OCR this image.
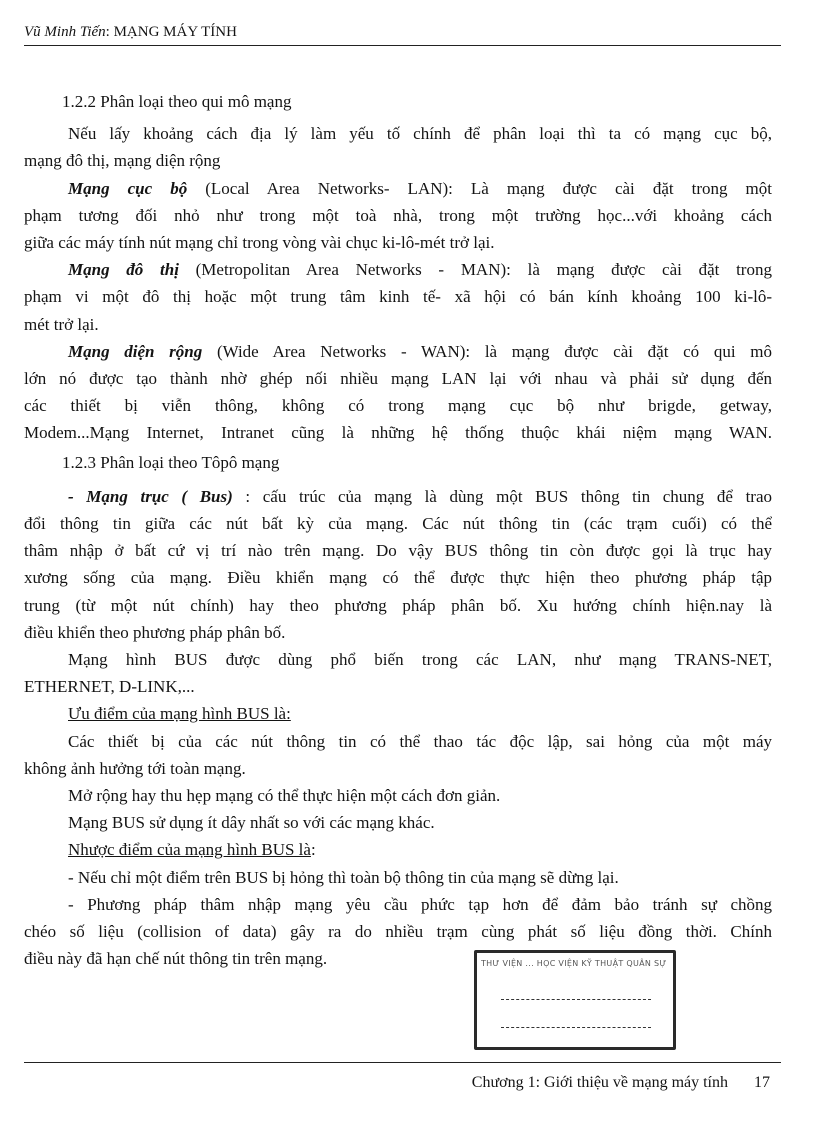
Vũ Minh Tiến: MẠNG MÁY TÍNH

1.2.2 Phân loại theo qui mô mạng

Nếu lấy khoảng cách địa lý làm yếu tố chính để phân loại thì ta có mạng cục bộ,

mạng đô thị, mạng diện rộng

Mạng cục bộ (Local Area Networks- LAN): Là mạng được cài đặt trong một

phạm tương đối nhỏ như trong một toà nhà, trong một trường học...với khoảng cách

giữa các máy tính nút mạng chỉ trong vòng vài chục ki-lô-mét trở lại.

Mạng đô thị (Metropolitan Area Networks - MAN): là mạng được cài đặt trong

phạm vi một đô thị hoặc một trung tâm kinh tế- xã hội có bán kính khoảng 100 ki-lô-

mét trở lại.

Mạng diện rộng (Wide Area Networks - WAN): là mạng được cài đặt có qui mô

lớn nó được tạo thành nhờ ghép nối nhiều mạng LAN lại với nhau và phải sử dụng đến

các thiết bị viễn thông, không có trong mạng cục bộ như brigde, getway,

Modem...Mạng Internet, Intranet cũng là những hệ thống thuộc khái niệm mạng WAN.

1.2.3 Phân loại theo Tôpô mạng

- Mạng trục ( Bus) : cấu trúc của mạng là dùng một BUS thông tin chung để trao

đổi thông tin giữa các nút bất kỳ của mạng. Các nút thông tin (các trạm cuối) có thể

thâm nhập ở bất cứ vị trí nào trên mạng. Do vậy BUS thông tin còn được gọi là trục hay

xương sống của mạng. Điều khiển mạng có thể được thực hiện theo phương pháp tập

trung (từ một nút chính) hay theo phương pháp phân bố. Xu hướng chính hiện.nay là

điều khiển theo phương pháp phân bố.

Mạng hình BUS được dùng phổ biến trong các LAN, như mạng TRANS-NET,

ETHERNET, D-LINK,...

Ưu điểm của mạng hình BUS là:

Các thiết bị của các nút thông tin có thể thao tác độc lập, sai hỏng của một máy

không ảnh hưởng tới toàn mạng.

Mở rộng hay thu hẹp mạng có thể thực hiện một cách đơn giản.

Mạng BUS sử dụng ít dây nhất so với các mạng khác.

Nhược điểm của mạng hình BUS là:

- Nếu chỉ một điểm trên BUS bị hỏng thì toàn bộ thông tin của mạng sẽ dừng lại.

- Phương pháp thâm nhập mạng yêu cầu phức tạp hơn để đảm bảo tránh sự chồng

chéo số liệu (collision of data) gây ra do nhiều trạm cùng phát số liệu đồng thời. Chính

điều này đã hạn chế nút thông tin trên mạng.	THƯ VIỆN ... HỌC VIỆN KỸ THUẬT QUÂN SỰ
Chương 1: Giới thiệu về mạng máy tính 17
